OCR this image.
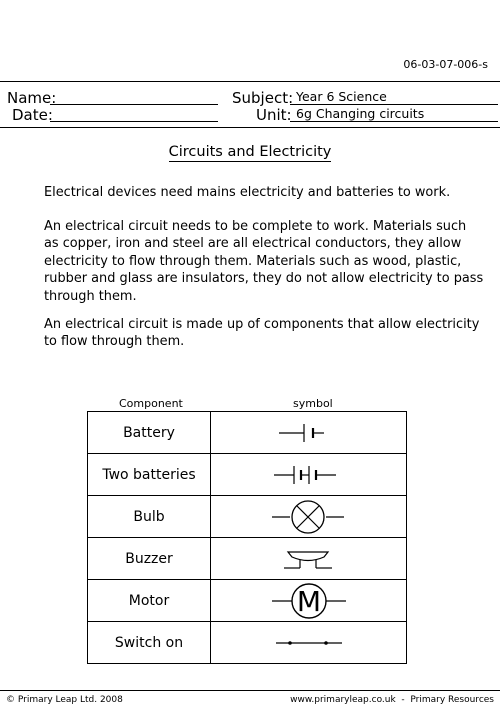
06-03-07-006-s
Name:	Subject: Year 6 Science
Date:	Unit: 6g Changing circuits
Circuits and Electricity
Electrical devices need mains electricity and batteries to work.
An electrical circuit needs to be complete to work. Materials such as copper, iron and steel are all electrical conductors, they allow electricity to flow through them. Materials such as wood, plastic, rubber and glass are insulators, they do not allow electricity to pass through them.
An electrical circuit is made up of components that allow electricity to flow through them.
Component	symbol
Battery	

Two batteries	

Bulb	

Buzzer	

Motor	M

Switch on	
© Primary Leap Ltd. 2008	www.primaryleap.co.uk  -  Primary Resources
